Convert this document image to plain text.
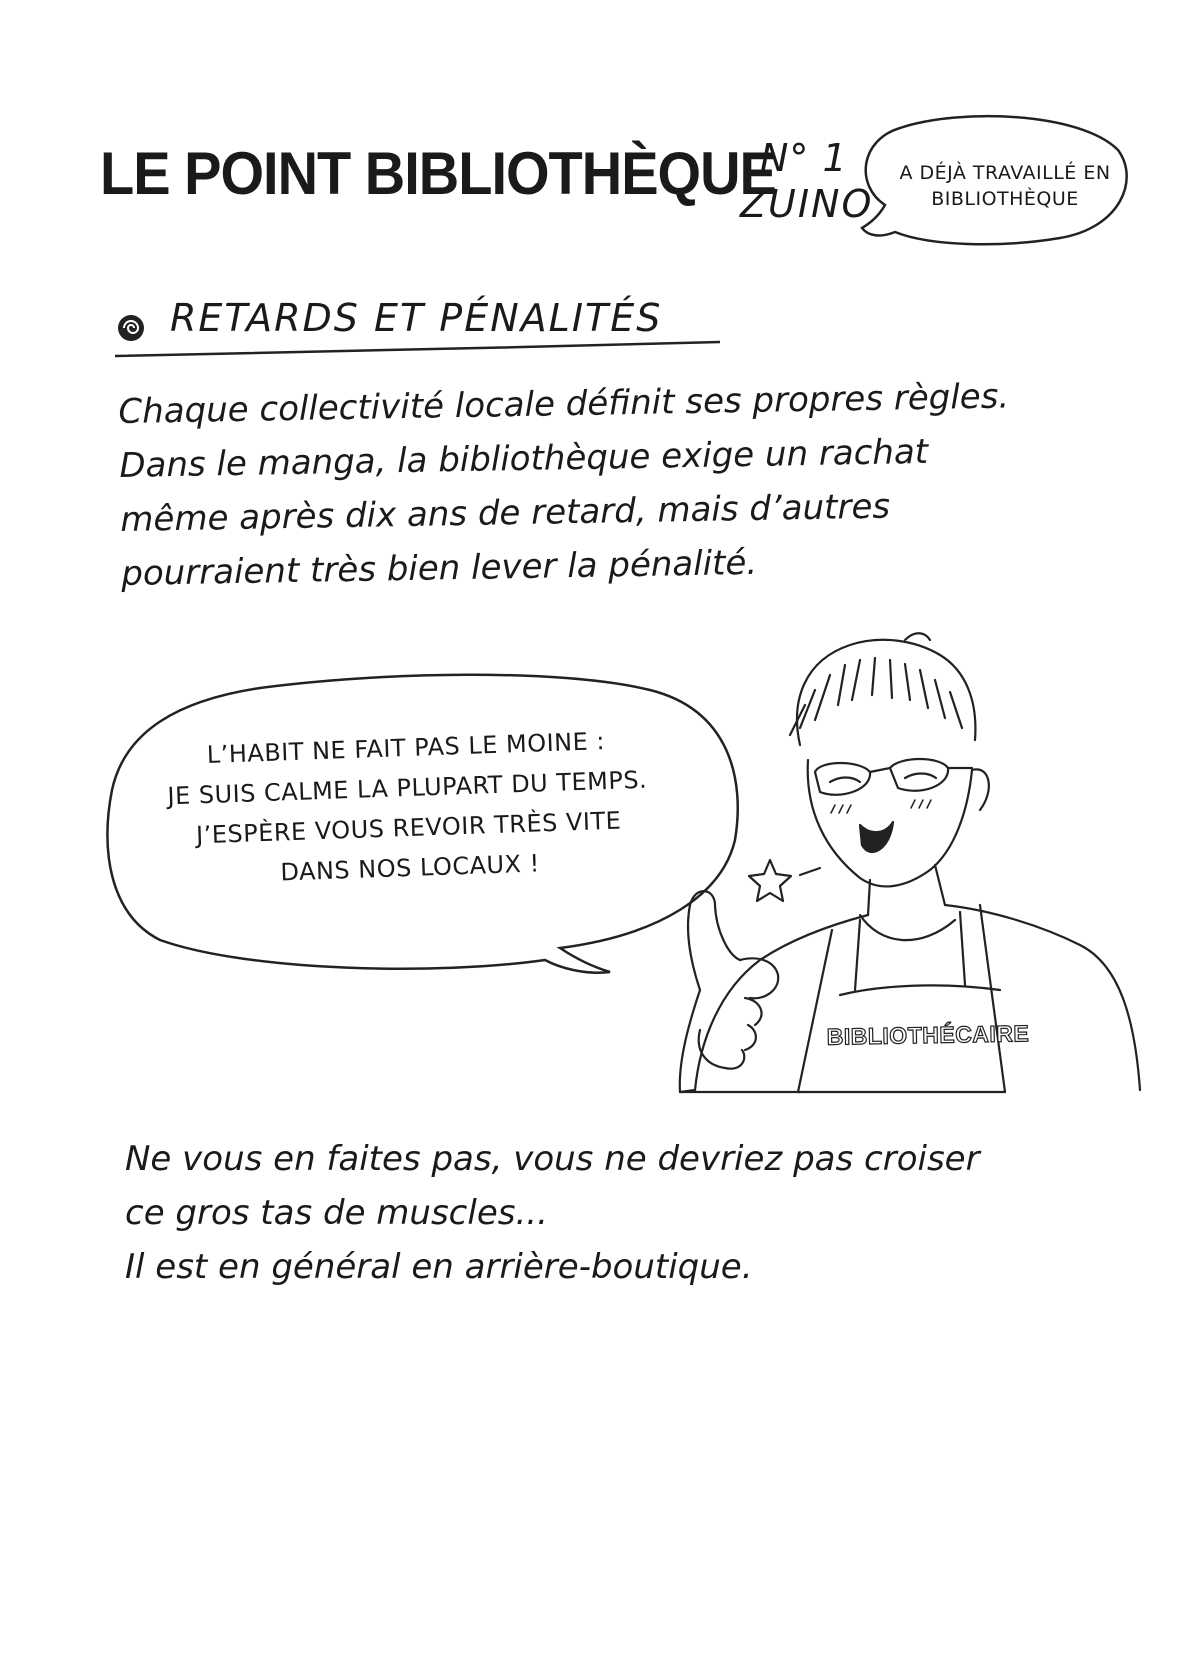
LE POINT BIBLIOTHÈQUE
N° 1
ZUINO
A DÉJÀ TRAVAILLÉ EN BIBLIOTHÈQUE
RETARDS ET PÉNALITÉS
Chaque collectivité locale définit ses propres règles.
Dans le manga, la bibliothèque exige un rachat
même après dix ans de retard, mais d’autres
pourraient très bien lever la pénalité.
L’HABIT NE FAIT PAS LE MOINE :
JE SUIS CALME LA PLUPART DU TEMPS.
J’ESPÈRE VOUS REVOIR TRÈS VITE
DANS NOS LOCAUX !
BIBLIOTHÉCAIRE
Ne vous en faites pas, vous ne devriez pas croiser
ce gros tas de muscles...
Il est en général en arrière-boutique.
